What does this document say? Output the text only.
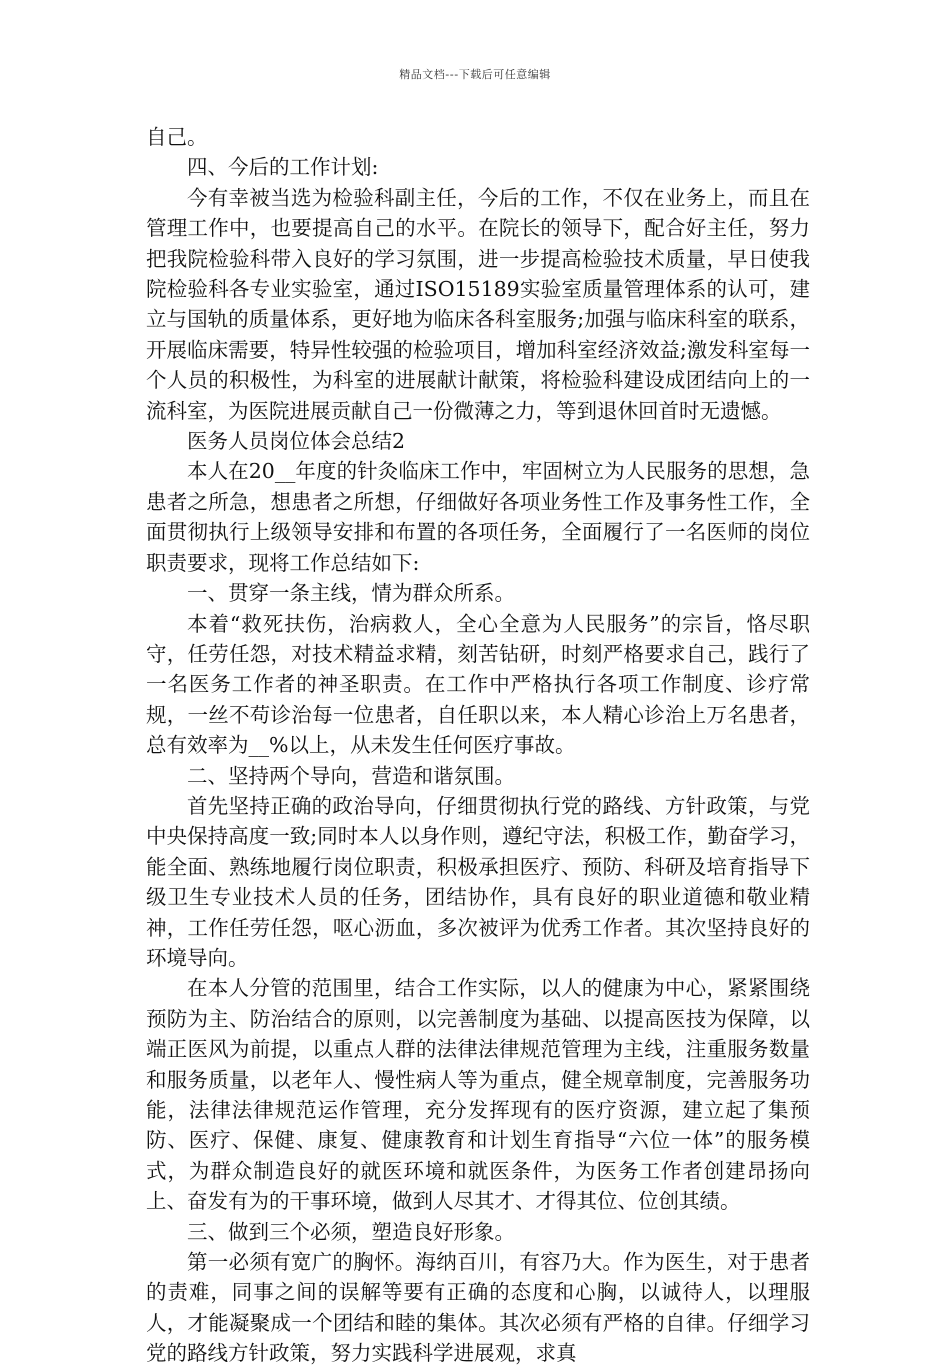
精品文档---下载后可任意编辑

自己。

四、今后的工作计划:

今有幸被当选为检验科副主任，今后的工作，不仅在业务上，而且在管理工作中，也要提高自己的水平。在院长的领导下，配合好主任，努力把我院检验科带入良好的学习氛围，进一步提高检验技术质量，早日使我院检验科各专业实验室，通过ISO15189实验室质量管理体系的认可，建立与国轨的质量体系，更好地为临床各科室服务;加强与临床科室的联系，开展临床需要，特异性较强的检验项目，增加科室经济效益;激发科室每一个人员的积极性，为科室的进展献计献策，将检验科建设成团结向上的一流科室，为医院进展贡献自己一份微薄之力，等到退休回首时无遗憾。

医务人员岗位体会总结2

本人在20__年度的针灸临床工作中，牢固树立为人民服务的思想，急患者之所急，想患者之所想，仔细做好各项业务性工作及事务性工作，全面贯彻执行上级领导安排和布置的各项任务，全面履行了一名医师的岗位职责要求，现将工作总结如下:

一、贯穿一条主线，情为群众所系。

本着“救死扶伤，治病救人，全心全意为人民服务”的宗旨，恪尽职守，任劳任怨，对技术精益求精，刻苦钻研，时刻严格要求自己，践行了一名医务工作者的神圣职责。在工作中严格执行各项工作制度、诊疗常规，一丝不苟诊治每一位患者，自任职以来，本人精心诊治上万名患者，总有效率为__%以上，从未发生任何医疗事故。

二、坚持两个导向，营造和谐氛围。

首先坚持正确的政治导向，仔细贯彻执行党的路线、方针政策，与党中央保持高度一致;同时本人以身作则，遵纪守法，积极工作，勤奋学习，能全面、熟练地履行岗位职责，积极承担医疗、预防、科研及培育指导下级卫生专业技术人员的任务，团结协作，具有良好的职业道德和敬业精神，工作任劳任怨，呕心沥血，多次被评为优秀工作者。其次坚持良好的环境导向。

在本人分管的范围里，结合工作实际，以人的健康为中心，紧紧围绕预防为主、防治结合的原则，以完善制度为基础、以提高医技为保障，以端正医风为前提，以重点人群的法律法律规范管理为主线，注重服务数量和服务质量，以老年人、慢性病人等为重点，健全规章制度，完善服务功能，法律法律规范运作管理，充分发挥现有的医疗资源，建立起了集预防、医疗、保健、康复、健康教育和计划生育指导“六位一体”的服务模式，为群众制造良好的就医环境和就医条件，为医务工作者创建昂扬向上、奋发有为的干事环境，做到人尽其才、才得其位、位创其绩。

三、做到三个必须，塑造良好形象。

第一必须有宽广的胸怀。海纳百川，有容乃大。作为医生，对于患者的责难，同事之间的误解等要有正确的态度和心胸，以诚待人，以理服人，才能凝聚成一个团结和睦的集体。其次必须有严格的自律。仔细学习党的路线方针政策，努力实践科学进展观，求真
